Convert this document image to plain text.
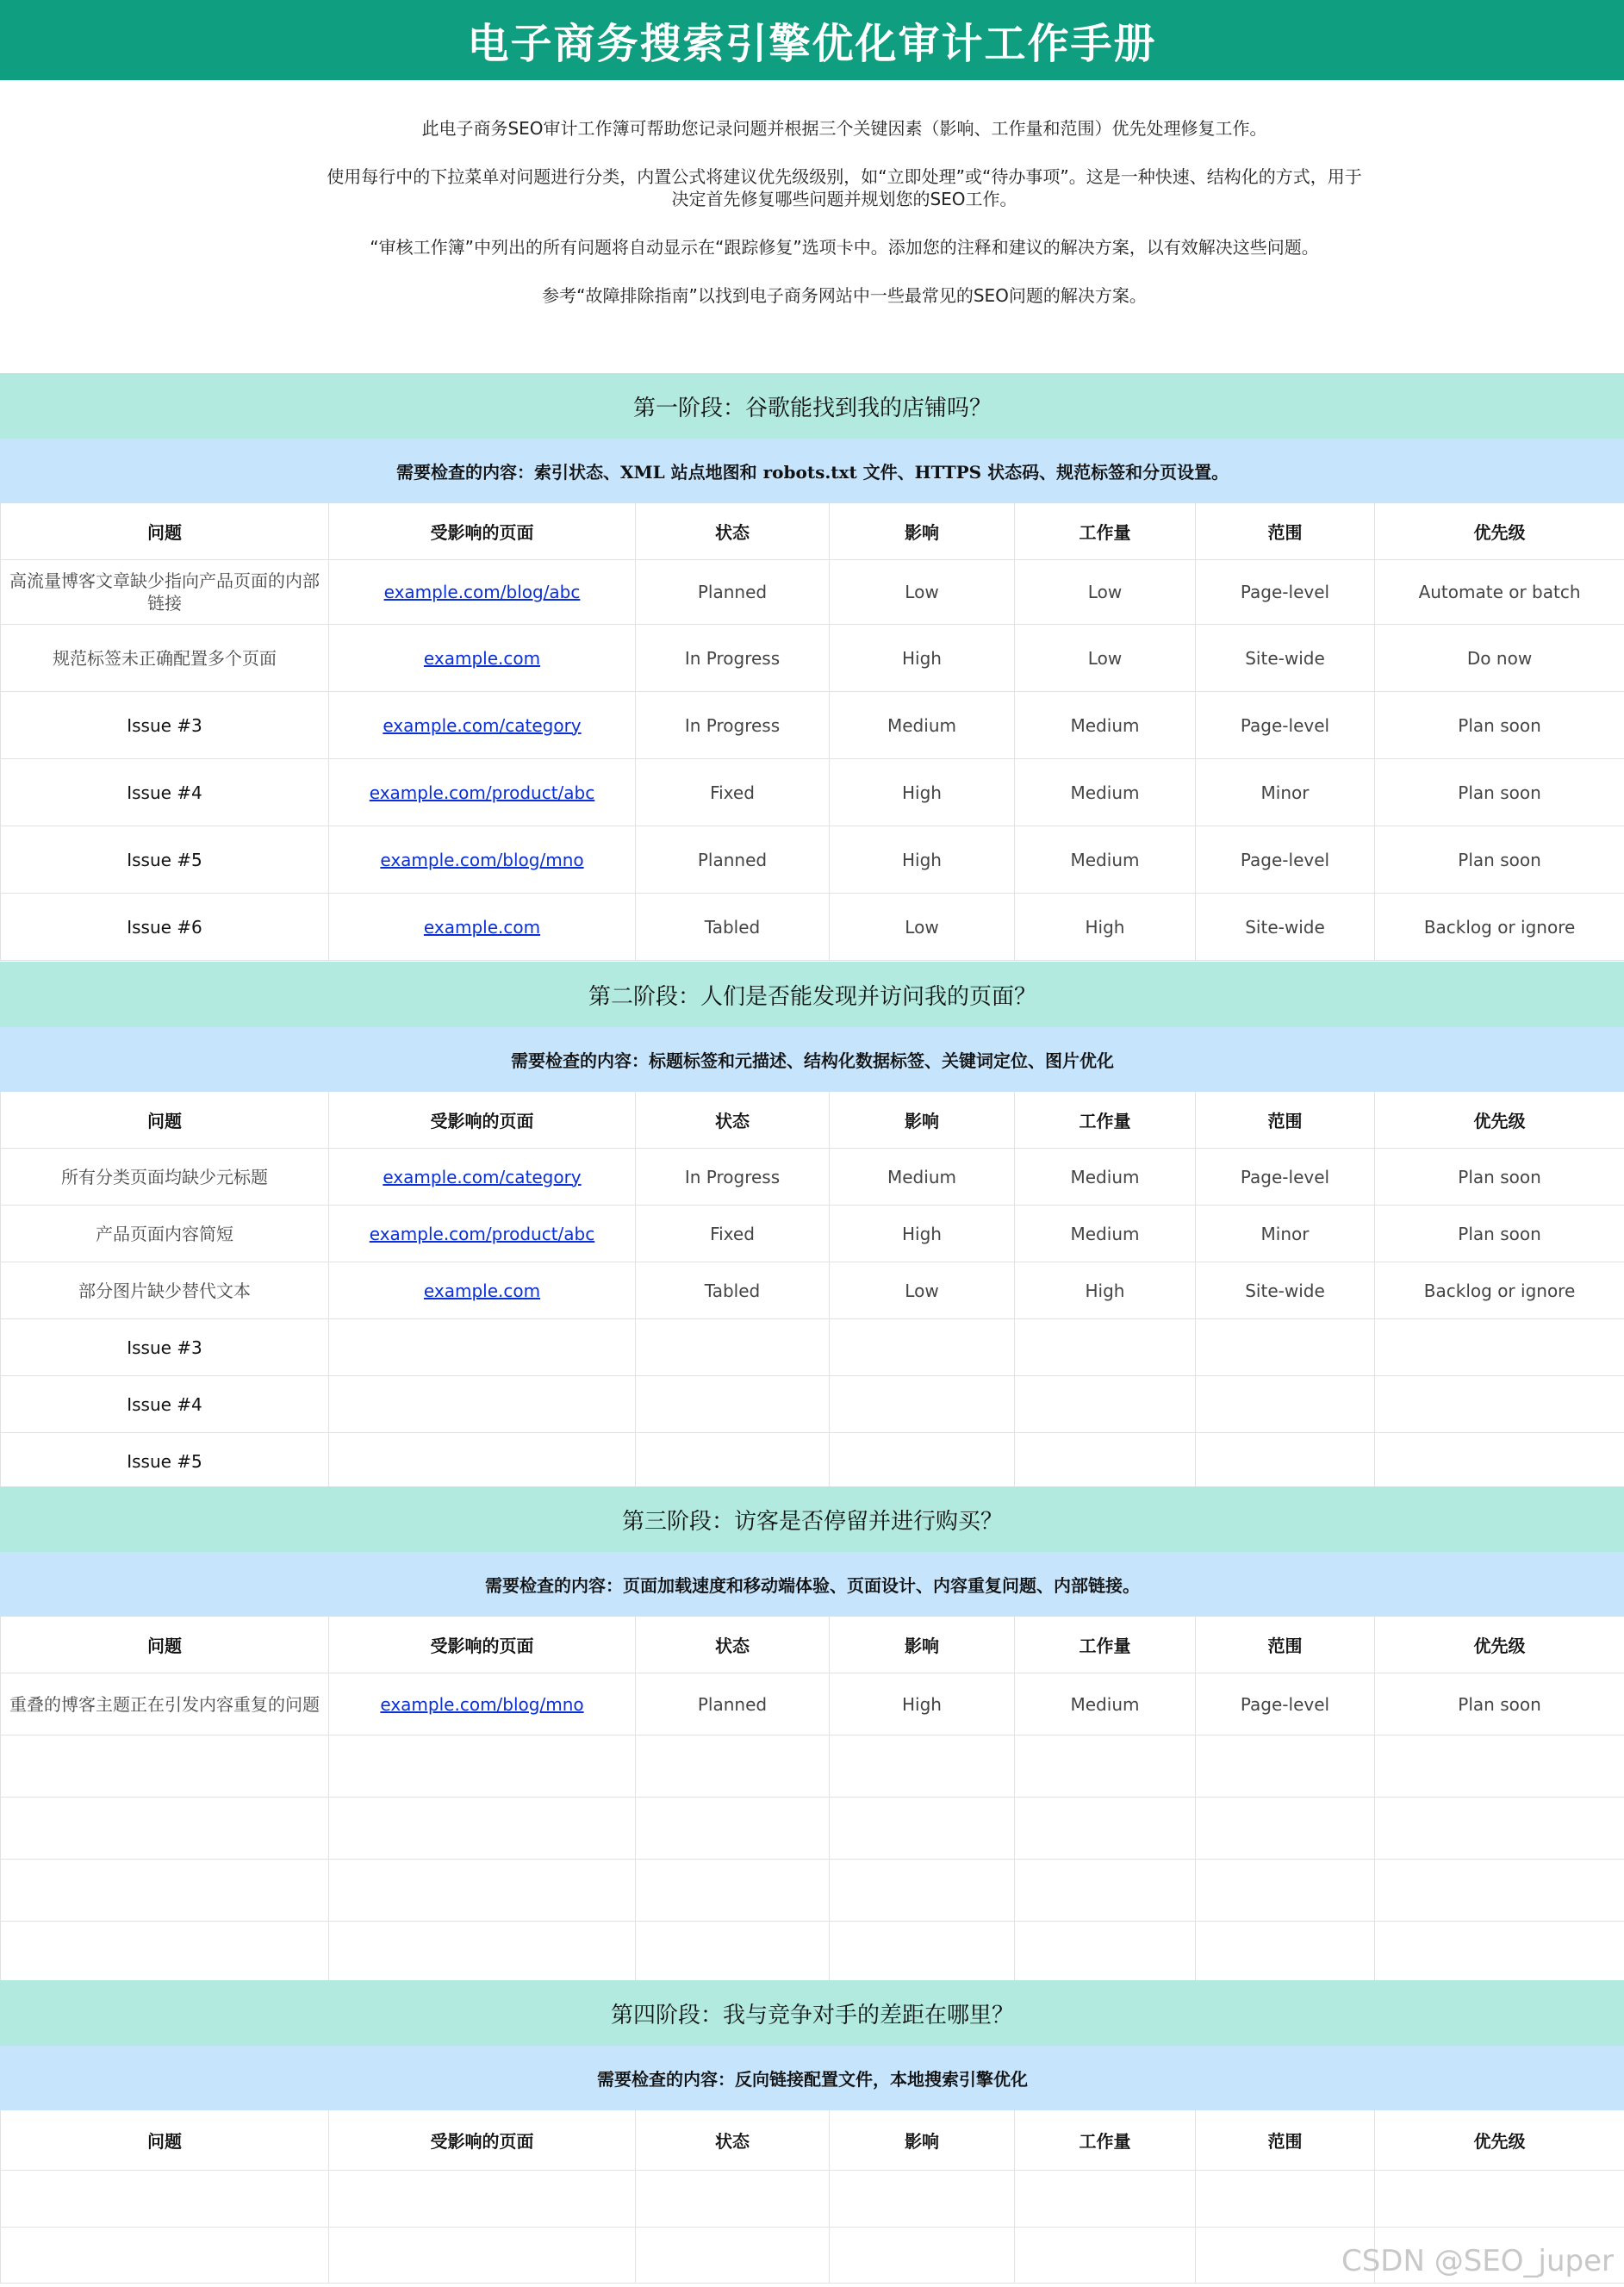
电子商务搜索引擎优化审计工作手册

此电子商务SEO审计工作簿可帮助您记录问题并根据三个关键因素（影响、工作量和范围）优先处理修复工作。

使用每行中的下拉菜单对问题进行分类，内置公式将建议优先级级别，如“立即处理”或“待办事项”。这是一种快速、结构化的方式，用于决定首先修复哪些问题并规划您的SEO工作。

“审核工作簿”中列出的所有问题将自动显示在“跟踪修复”选项卡中。添加您的注释和建议的解决方案，以有效解决这些问题。

参考“故障排除指南”以找到电子商务网站中一些最常见的SEO问题的解决方案。

第一阶段：谷歌能找到我的店铺吗？						
需要检查的内容：索引状态、XML 站点地图和 robots.txt 文件、HTTPS 状态码、规范标签和分页设置。						
问题	受影响的页面	状态	影响	工作量	范围	优先级
高流量博客文章缺少指向产品页面的内部链接	example.com/blog/abc	Planned	Low	Low	Page-level	Automate or batch
规范标签未正确配置多个页面	example.com	In Progress	High	Low	Site-wide	Do now
Issue #3	example.com/category	In Progress	Medium	Medium	Page-level	Plan soon
Issue #4	example.com/product/abc	Fixed	High	Medium	Minor	Plan soon
Issue #5	example.com/blog/mno	Planned	High	Medium	Page-level	Plan soon
Issue #6	example.com	Tabled	Low	High	Site-wide	Backlog or ignore
第二阶段：人们是否能发现并访问我的页面？						
需要检查的内容：标题标签和元描述、结构化数据标签、关键词定位、图片优化						
问题	受影响的页面	状态	影响	工作量	范围	优先级
所有分类页面均缺少元标题	example.com/category	In Progress	Medium	Medium	Page-level	Plan soon
产品页面内容简短	example.com/product/abc	Fixed	High	Medium	Minor	Plan soon
部分图片缺少替代文本	example.com	Tabled	Low	High	Site-wide	Backlog or ignore
Issue #3						
Issue #4						
Issue #5						
第三阶段：访客是否停留并进行购买？						
需要检查的内容：页面加载速度和移动端体验、页面设计、内容重复问题、内部链接。						
问题	受影响的页面	状态	影响	工作量	范围	优先级
重叠的博客主题正在引发内容重复的问题	example.com/blog/mno	Planned	High	Medium	Page-level	Plan soon

第四阶段：我与竞争对手的差距在哪里？						
需要检查的内容：反向链接配置文件，本地搜索引擎优化						
问题	受影响的页面	状态	影响	工作量	范围	优先级

CSDN @SEO_juper
